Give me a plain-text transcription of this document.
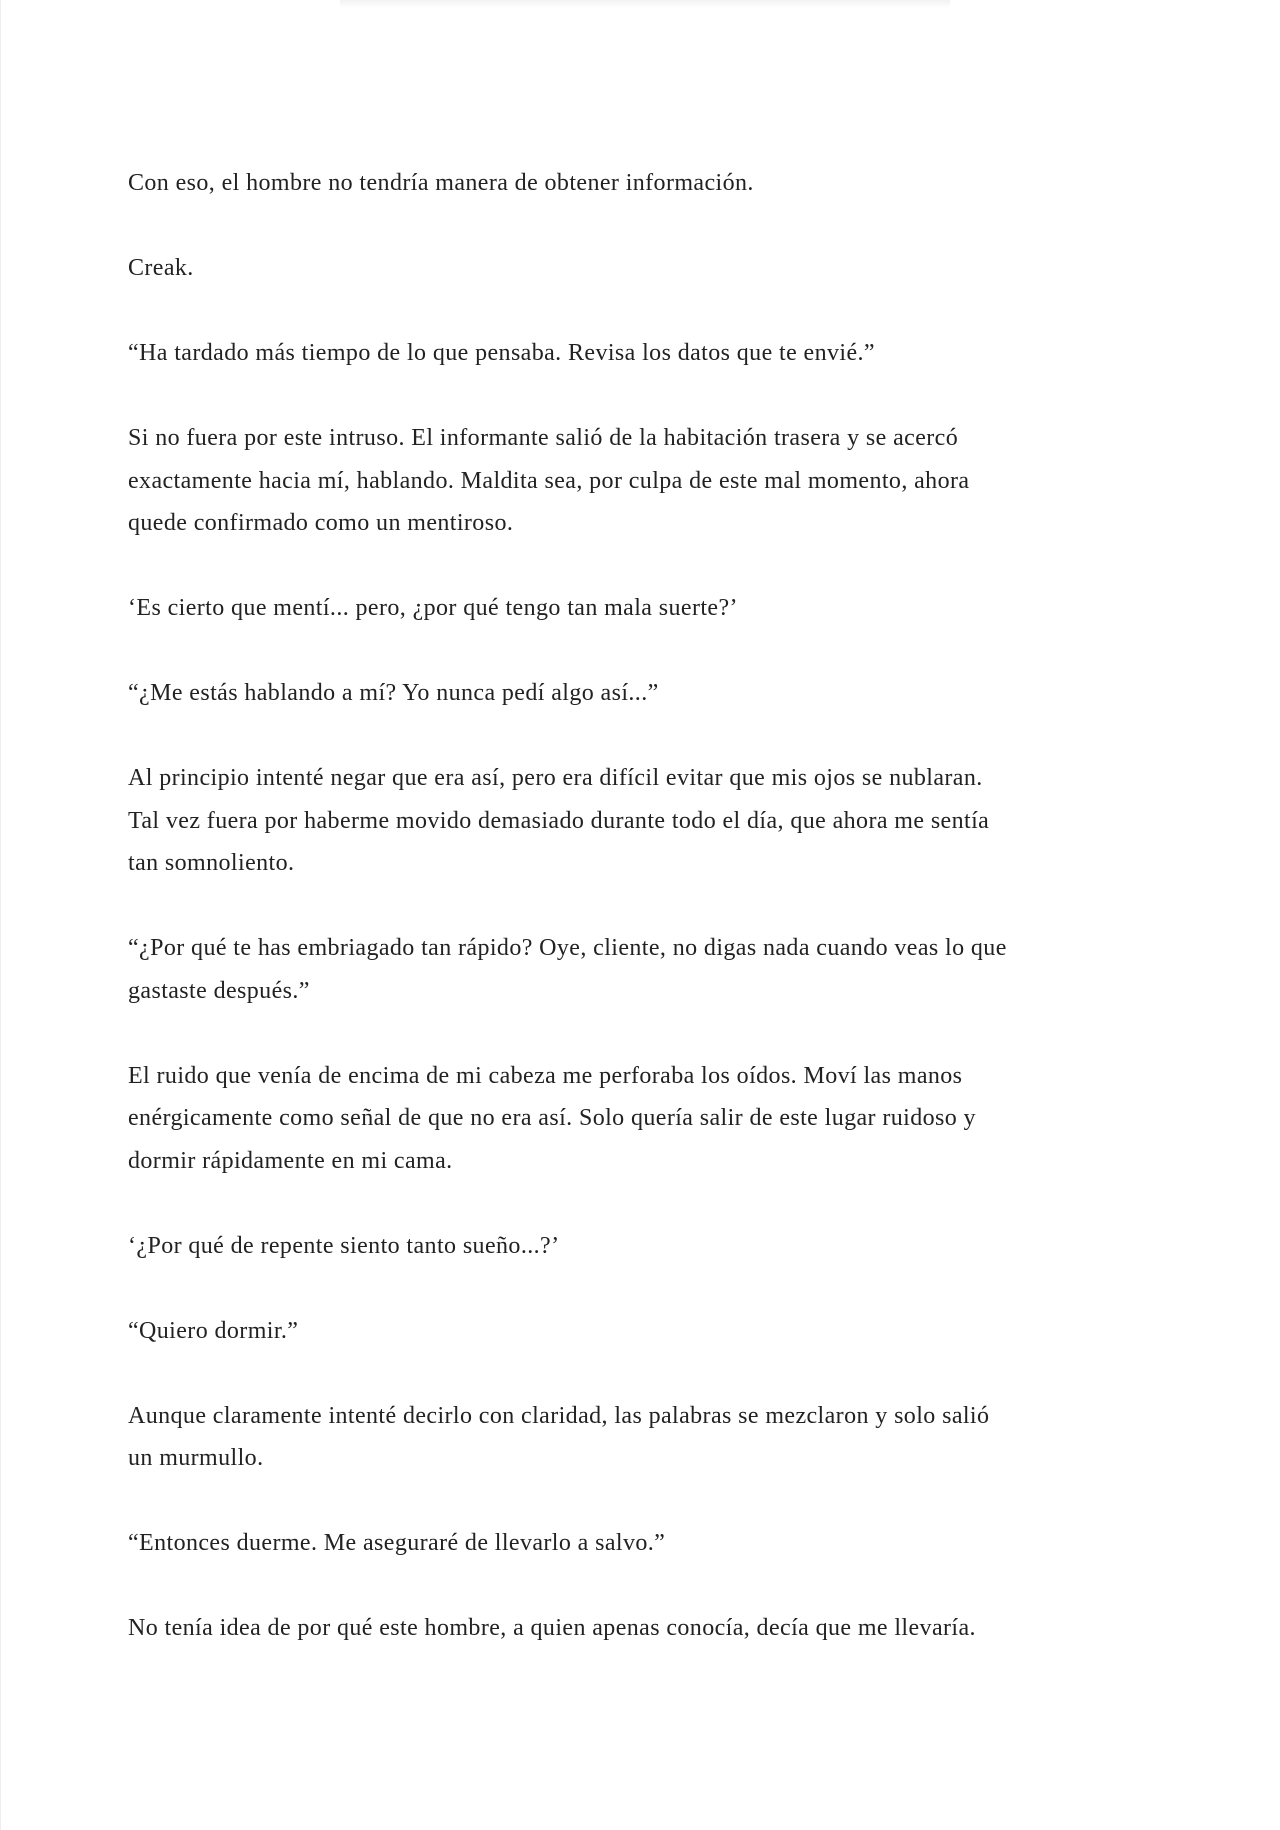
Con eso, el hombre no tendría manera de obtener información.

Creak.

“Ha tardado más tiempo de lo que pensaba. Revisa los datos que te envié.”

Si no fuera por este intruso. El informante salió de la habitación trasera y se acercó
exactamente hacia mí, hablando. Maldita sea, por culpa de este mal momento, ahora
quede confirmado como un mentiroso.

‘Es cierto que mentí... pero, ¿por qué tengo tan mala suerte?’

“¿Me estás hablando a mí? Yo nunca pedí algo así...”

Al principio intenté negar que era así, pero era difícil evitar que mis ojos se nublaran.
Tal vez fuera por haberme movido demasiado durante todo el día, que ahora me sentía
tan somnoliento.

“¿Por qué te has embriagado tan rápido? Oye, cliente, no digas nada cuando veas lo que
gastaste después.”

El ruido que venía de encima de mi cabeza me perforaba los oídos. Moví las manos
enérgicamente como señal de que no era así. Solo quería salir de este lugar ruidoso y
dormir rápidamente en mi cama.

‘¿Por qué de repente siento tanto sueño...?’

“Quiero dormir.”

Aunque claramente intenté decirlo con claridad, las palabras se mezclaron y solo salió
un murmullo.

“Entonces duerme. Me aseguraré de llevarlo a salvo.”

No tenía idea de por qué este hombre, a quien apenas conocía, decía que me llevaría.
